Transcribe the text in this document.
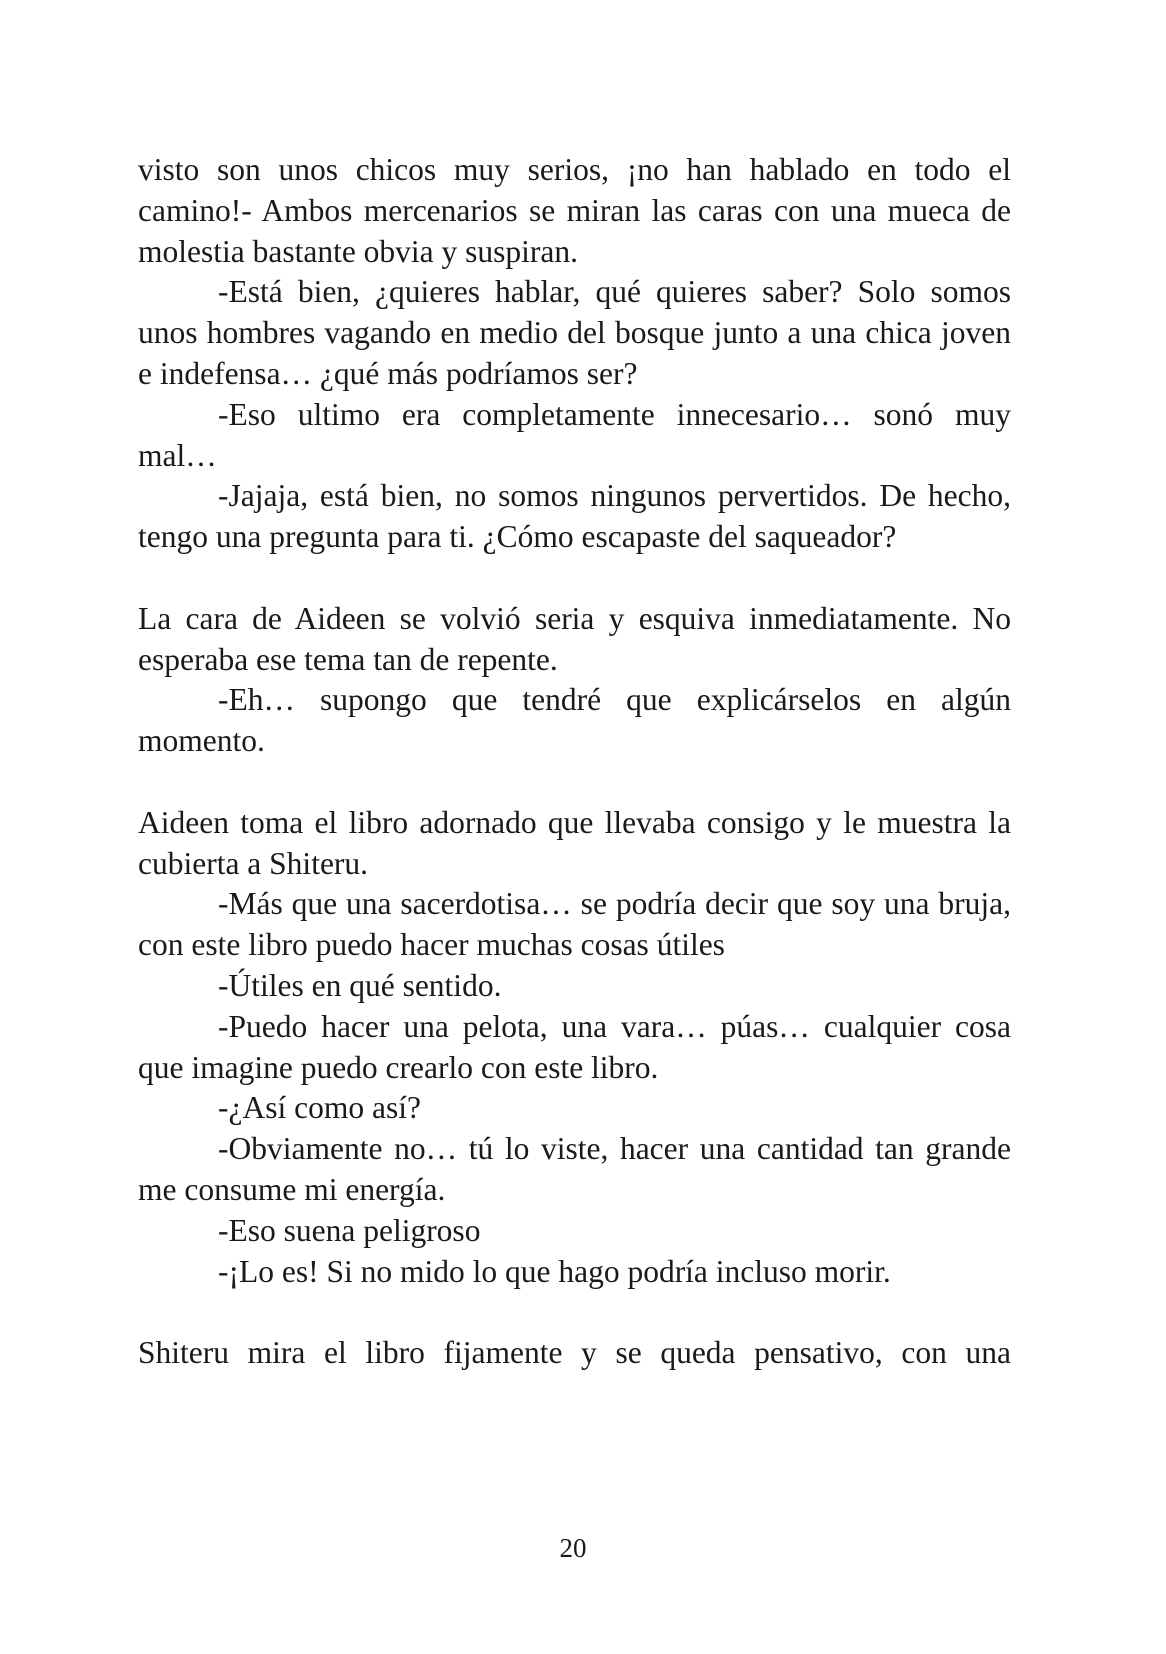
visto son unos chicos muy serios, ¡no han hablado en todo el camino!- Ambos mercenarios se miran las caras con una mueca de molestia bastante obvia y suspiran.

-Está bien, ¿quieres hablar, qué quieres saber? Solo somos unos hombres vagando en medio del bosque junto a una chica joven e indefensa… ¿qué más podríamos ser?

-Eso ultimo era completamente innecesario… sonó muy mal…

-Jajaja, está bien, no somos ningunos pervertidos. De hecho, tengo una pregunta para ti. ¿Cómo escapaste del saqueador?

La cara de Aideen se volvió seria y esquiva inmediatamente. No esperaba ese tema tan de repente.

-Eh… supongo que tendré que explicárselos en algún momento.

Aideen toma el libro adornado que llevaba consigo y le muestra la cubierta a Shiteru.

-Más que una sacerdotisa… se podría decir que soy una bruja, con este libro puedo hacer muchas cosas útiles

-Útiles en qué sentido.

-Puedo hacer una pelota, una vara… púas… cualquier cosa que imagine puedo crearlo con este libro.

-¿Así como así?

-Obviamente no… tú lo viste, hacer una cantidad tan grande me consume mi energía.

-Eso suena peligroso

-¡Lo es! Si no mido lo que hago podría incluso morir.

Shiteru mira el libro fijamente y se queda pensativo, con una

20
